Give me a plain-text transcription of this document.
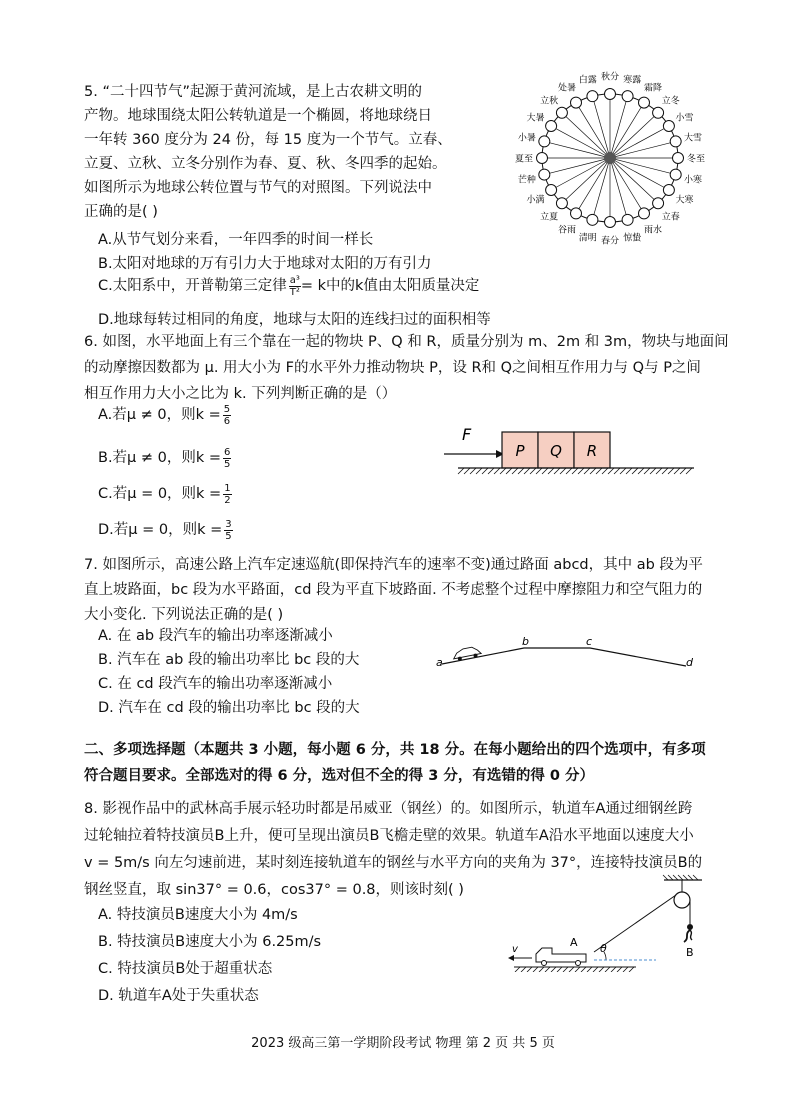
5. “二十四节气”起源于黄河流域，是上古农耕文明的
产物。地球围绕太阳公转轨道是一个椭圆，将地球绕日
一年转 360 度分为 24 份，每 15 度为一个节气。立春、
立夏、立秋、立冬分别作为春、夏、秋、冬四季的起始。
如图所示为地球公转位置与节气的对照图。下列说法中
正确的是( )
A.从节气划分来看，一年四季的时间一样长
B.太阳对地球的万有引力大于地球对太阳的万有引力
C.太阳系中，开普勒第三定律 $\frac{\text{a³}}{\text{T²}} = k$中的k值由太阳质量决定
D.地球每转过相同的角度，地球与太阳的连线扫过的面积相等
夏至
小暑
大暑
立秋
处暑
白露 秋分 寒露
霜降
立冬
小雪
大雪
冬至
小寒
大寒
立春
雨水
惊蛰
春分
清明
谷雨
立夏
小满
芒种
6. 如图，水平地面上有三个靠在一起的物块 P、Q 和 R，质量分别为 m、2m 和 3m，物块与地面间
的动摩擦因数都为 μ. 用大小为 F的水平外力推动物块 P，设 R和 Q之间相互作用力与 Q与 P之间
相互作用力大小之比为 k. 下列判断正确的是（）
A.若μ ≠ 0，则$k = \frac{5}{6}$
B.若μ ≠ 0，则$k = \frac{6}{5}$
C.若μ = 0，则$k = \frac{1}{2}$
D.若μ = 0，则$k = \frac{3}{5}$
F
P Q R
7. 如图所示，高速公路上汽车定速巡航(即保持汽车的速率不变)通过路面 abcd，其中 ab 段为平
直上坡路面，bc 段为水平路面，cd 段为平直下坡路面. 不考虑整个过程中摩擦阻力和空气阻力的
大小变化. 下列说法正确的是( )
A. 在 ab 段汽车的输出功率逐渐减小
B. 汽车在 ab 段的输出功率比 bc 段的大
C. 在 cd 段汽车的输出功率逐渐减小
D. 汽车在 cd 段的输出功率比 bc 段的大
a
b	c
d
二、多项选择题（本题共 3 小题，每小题 6 分，共 18 分。在每小题给出的四个选项中，有多项
符合题目要求。全部选对的得 6 分，选对但不全的得 3 分，有选错的得 0 分）
8. 影视作品中的武林高手展示轻功时都是吊威亚（钢丝）的。如图所示，轨道车A通过细钢丝跨
过轮轴拉着特技演员B上升，便可呈现出演员B飞檐走壁的效果。轨道车A沿水平地面以速度大小
v = 5m/s 向左匀速前进，某时刻连接轨道车的钢丝与水平方向的夹角为 37°，连接特技演员B的
钢丝竖直，取 sin37° = 0.6，cos37° = 0.8，则该时刻( )
A. 特技演员B速度大小为 4m/s
B. 特技演员B速度大小为 6.25m/s
C. 特技演员B处于超重状态
D. 轨道车A处于失重状态
B
A θ
v
2023 级高三第一学期阶段考试 物理 第 2 页 共 5 页
